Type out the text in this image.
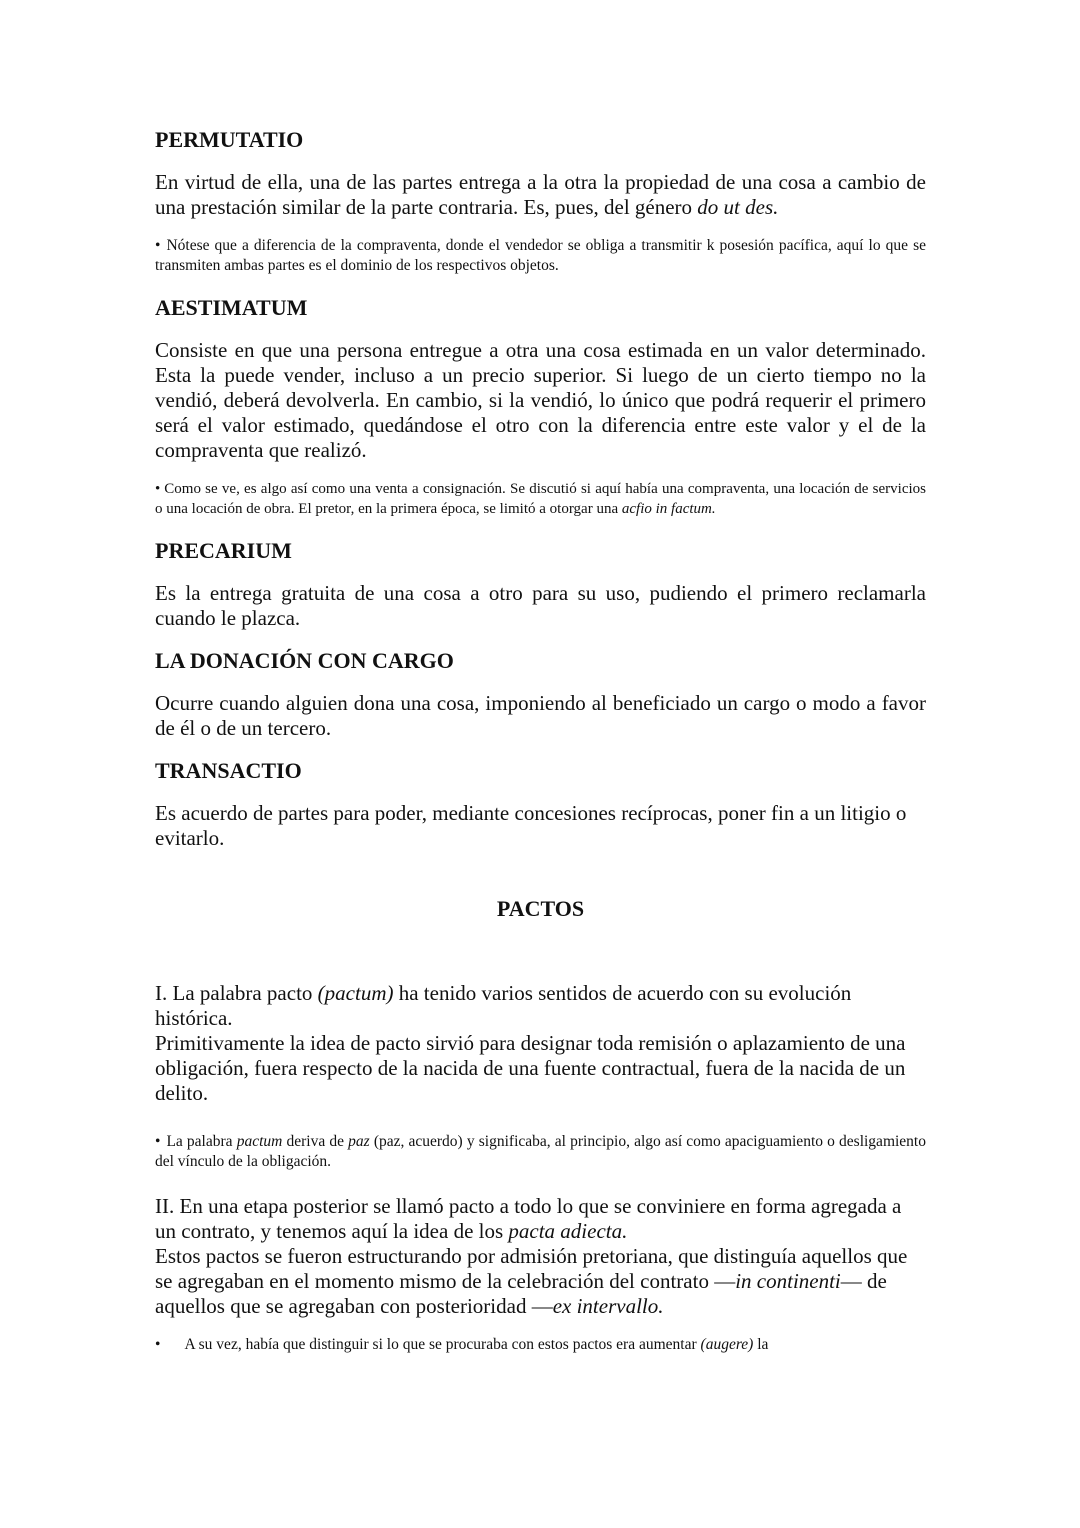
PERMUTATIO
En virtud de ella, una de las partes entrega a la otra la propiedad de una cosa a cambio de una prestación similar de la parte contraria. Es, pues, del género do ut des.
• Nótese que a diferencia de la compraventa, donde el vendedor se obliga a transmitir k posesión pacífica, aquí lo que se transmiten ambas partes es el dominio de los respectivos objetos.
AESTIMATUM
Consiste en que una persona entregue a otra una cosa estimada en un valor determinado. Esta la puede vender, incluso a un precio superior. Si luego de un cierto tiempo no la vendió, deberá devolverla. En cambio, si la vendió, lo único que podrá requerir el primero será el valor estimado, quedándose el otro con la diferencia entre este valor y el de la compraventa que realizó.
• Como se ve, es algo así como una venta a consignación. Se discutió si aquí había una compraventa, una locación de servicios o una locación de obra. El pretor, en la primera época, se limitó a otorgar una acfio in factum.
PRECARIUM
Es la entrega gratuita de una cosa a otro para su uso, pudiendo el primero reclamarla cuando le plazca.
LA DONACIÓN CON CARGO
Ocurre cuando alguien dona una cosa, imponiendo al beneficiado un cargo o modo a favor de él o de un tercero.
TRANSACTIO
Es acuerdo de partes para poder, mediante concesiones recíprocas, poner fin a un litigio o evitarlo.
PACTOS
I. La palabra pacto (pactum) ha tenido varios sentidos de acuerdo con su evolución histórica.
Primitivamente la idea de pacto sirvió para designar toda remisión o aplazamiento de una obligación, fuera respecto de la nacida de una fuente contractual, fuera de la nacida de un delito.
• La palabra pactum deriva de paz (paz, acuerdo) y significaba, al principio, algo así como apaciguamiento o desligamiento del vínculo de la obligación.
II. En una etapa posterior se llamó pacto a todo lo que se conviniere en forma agregada a un contrato, y tenemos aquí la idea de los pacta adiecta.
Estos pactos se fueron estructurando por admisión pretoriana, que distinguía aquellos que se agregaban en el momento mismo de la celebración del contrato —in continenti— de aquellos que se agregaban con posterioridad —ex intervallo.
• A su vez, había que distinguir si lo que se procuraba con estos pactos era aumentar (augere) la
